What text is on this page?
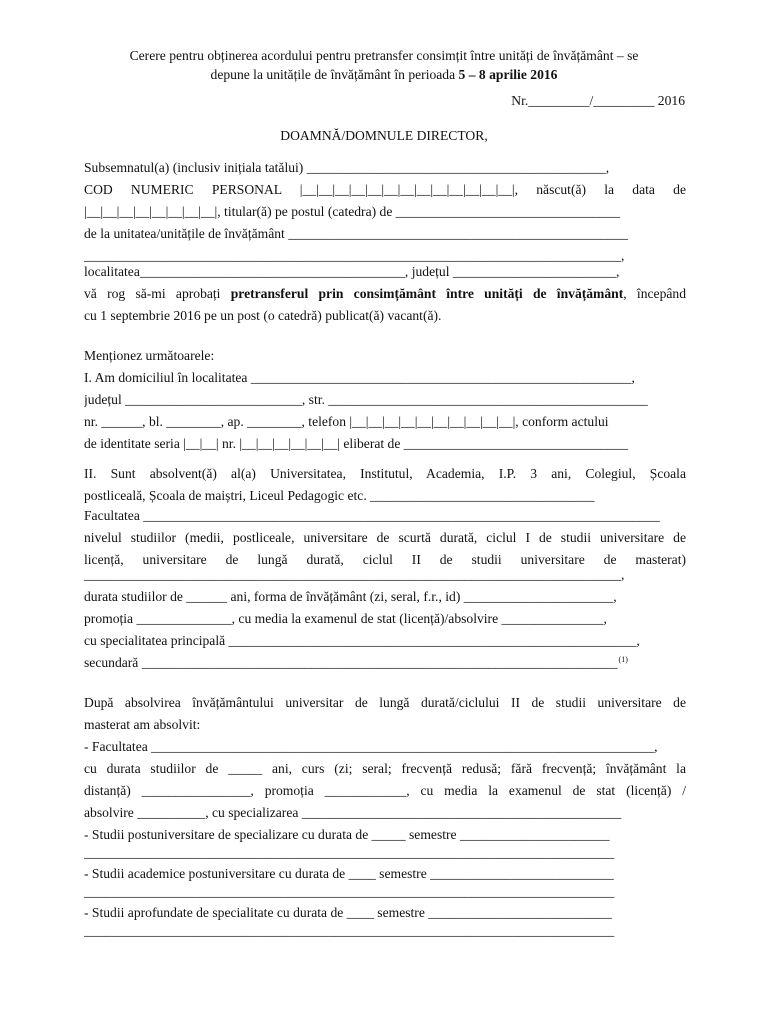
Cerere pentru obținerea acordului pentru pretransfer consimțit între unități de învățământ – se
depune la unitățile de învățământ în perioada 5 – 8 aprilie 2016
Nr._________/_________ 2016
DOAMNĂ/DOMNULE DIRECTOR,
Subsemnatul(a) (inclusiv inițiala tatălui) ____________________________________________,
COD NUMERIC PERSONAL |__|__|__|__|__|__|__|__|__|__|__|__|__|, născut(ă) la data de
|__|__|__|__|__|__|__|__|, titular(ă) pe postul (catedra) de _________________________________
de la unitatea/unitățile de învățământ __________________________________________________
_______________________________________________________________________________,
localitatea_______________________________________, județul ________________________,
vă rog să-mi aprobați pretransferul prin consimțământ între unități de învățământ, începând
cu 1 septembrie 2016 pe un post (o catedră) publicat(ă) vacant(ă).
Menționez următoarele:
I. Am domiciliul în localitatea ________________________________________________________,
județul __________________________, str. _______________________________________________
nr. ______, bl. ________, ap. ________, telefon |__|__|__|__|__|__|__|__|__|__|, conform actului
de identitate seria |__|__| nr. |__|__|__|__|__|__| eliberat de _________________________________
II. Sunt absolvent(ă) al(a) Universitatea, Institutul, Academia, I.P. 3 ani, Colegiul, Școala
postliceală, Școala de maiștri, Liceul Pedagogic etc. _________________________________
Facultatea ____________________________________________________________________________
nivelul studiilor (medii, postliceale, universitare de scurtă durată, ciclul I de studii universitare de
licență, universitare de lungă durată, ciclul II de studii universitare de masterat)
_______________________________________________________________________________,
durata studiilor de ______ ani, forma de învățământ (zi, seral, f.r., id) ______________________,
promoția ______________, cu media la examenul de stat (licență)/absolvire _______________,
cu specialitatea principală ____________________________________________________________,
secundară ______________________________________________________________________$^{(1)}$
După absolvirea învățământului universitar de lungă durată/ciclului II de studii universitare de
masterat am absolvit:
- Facultatea __________________________________________________________________________,
cu durata studiilor de _____ ani, curs (zi; seral; frecvență redusă; fără frecvență; învățământ la
distanță) ________________, promoția ____________, cu media la examenul de stat (licență) /
absolvire __________, cu specializarea _______________________________________________
- Studii postuniversitare de specializare cu durata de _____ semestre ______________________
______________________________________________________________________________
- Studii academice postuniversitare cu durata de ____ semestre ___________________________
______________________________________________________________________________
- Studii aprofundate de specialitate cu durata de ____ semestre ___________________________
______________________________________________________________________________
